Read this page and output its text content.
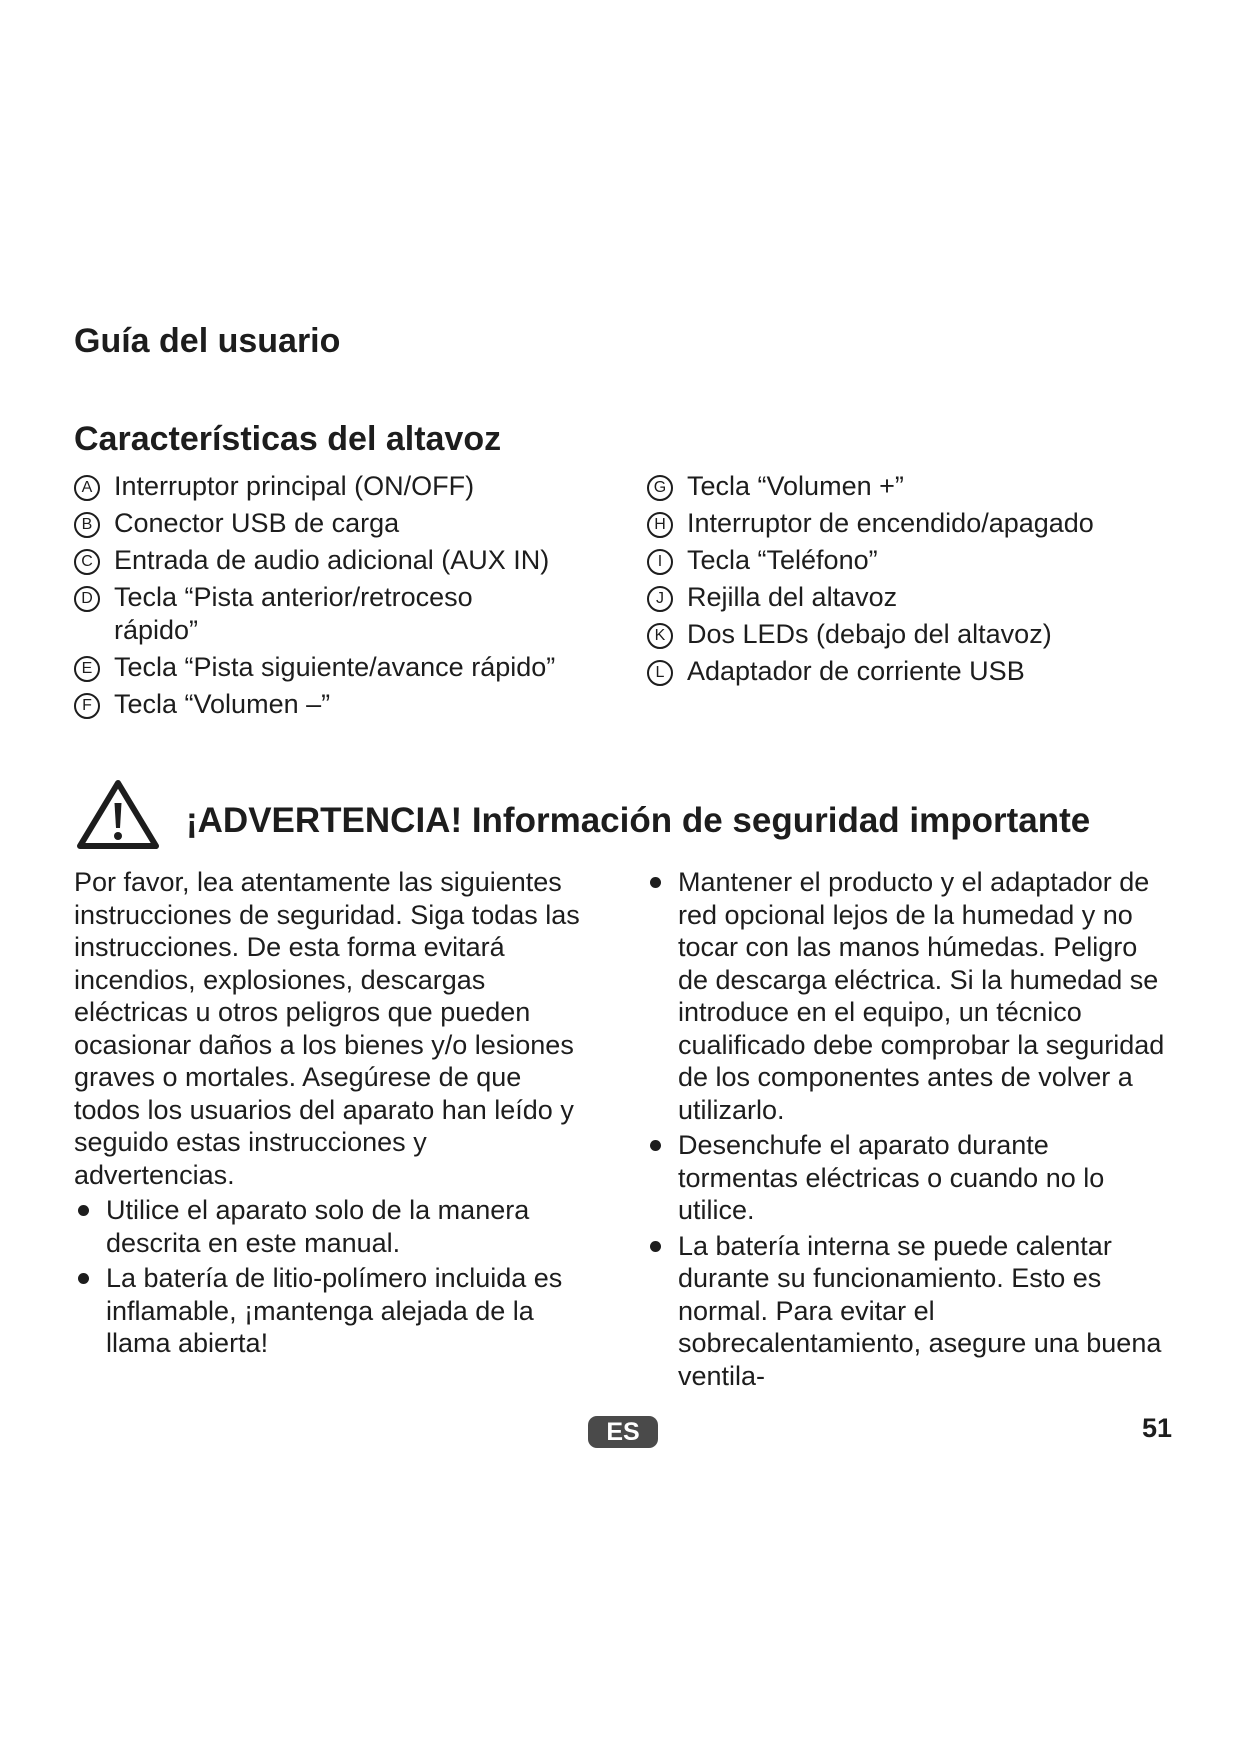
Guía del usuario
Características del altavoz
A Interruptor principal (ON/OFF)
B Conector USB de carga
C Entrada de audio adicional (AUX IN)
D Tecla “Pista anterior/retroceso rápido”
E Tecla “Pista siguiente/avance rápido”
F Tecla “Volumen –”
G Tecla “Volumen +”
H Interruptor de encendido/apagado
I Tecla “Teléfono”
J Rejilla del altavoz
K Dos LEDs (debajo del altavoz)
L Adaptador de corriente USB
¡ADVERTENCIA! Información de seguridad importante

Por favor, lea atentamente las siguientes instrucciones de seguridad. Siga todas las instrucciones. De esta forma evitará incendios, explosiones, descargas eléctricas u otros peligros que pueden ocasionar daños a los bienes y/o lesiones graves o mortales. Asegúrese de que todos los usuarios del aparato han leído y seguido estas instrucciones y advertencias.

Utilice el aparato solo de la manera descrita en este manual.
La batería de litio-polímero incluida es inflamable, ¡mantenga alejada de la llama abierta!
Mantener el producto y el adaptador de red opcional lejos de la humedad y no tocar con las manos húmedas. Peligro de descarga eléctrica. Si la humedad se introduce en el equipo, un técnico cualificado debe comprobar la seguridad de los componentes antes de volver a utilizarlo.
Desenchufe el aparato durante tormentas eléctricas o cuando no lo utilice.
La batería interna se puede calentar durante su funcionamiento. Esto es normal. Para evitar el sobrecalentamiento, asegure una buena ventila-
ES	51
